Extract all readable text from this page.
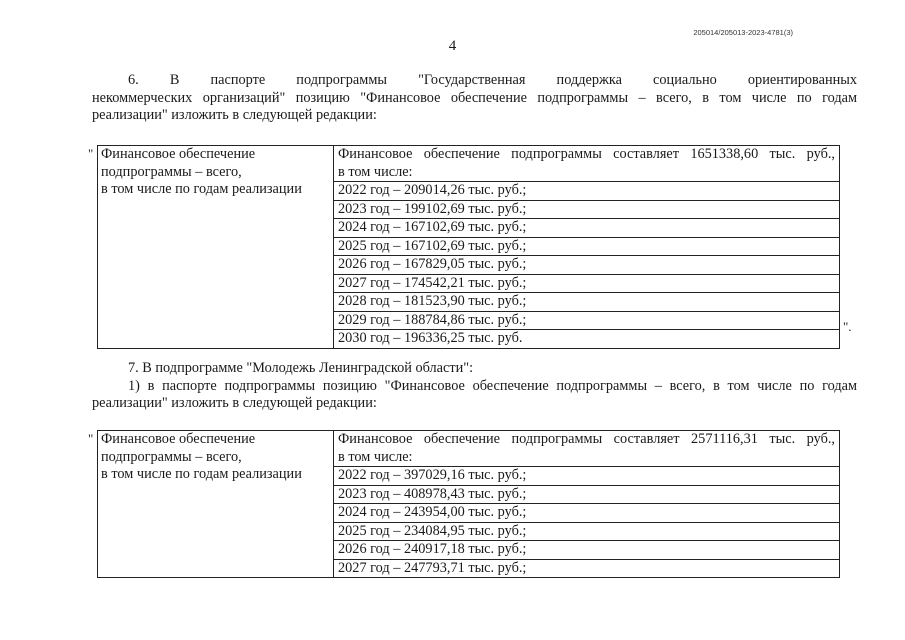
205014/205013-2023-4781(3)
4

6. В паспорте подпрограммы "Государственная поддержка социально ориентированных

некоммерческих организаций" позицию "Финансовое обеспечение подпрограммы – всего, в том числе по годам

реализации" изложить в следующей редакции:

" Финансовое обеспечение
подпрограммы – всего,
в том числе по годам реализации

Финансовое обеспечение подпрограммы составляет 1651338,60 тыс. руб.,
в том числе:
2022 год – 209014,26 тыс. руб.;
2023 год – 199102,69 тыс. руб.;
2024 год – 167102,69 тыс. руб.;
2025 год – 167102,69 тыс. руб.;
2026 год – 167829,05 тыс. руб.;
2027 год – 174542,21 тыс. руб.;
2028 год – 181523,90 тыс. руб.;
2029 год – 188784,86 тыс. руб.;
2030 год – 196336,25 тыс. руб.
".

7. В подпрограмме "Молодежь Ленинградской области":

1) в паспорте подпрограммы позицию "Финансовое обеспечение подпрограммы – всего, в том числе по годам

реализации" изложить в следующей редакции:

" Финансовое обеспечение
подпрограммы – всего,
в том числе по годам реализации

Финансовое обеспечение подпрограммы составляет 2571116,31 тыс. руб.,
в том числе:
2022 год – 397029,16 тыс. руб.;
2023 год – 408978,43 тыс. руб.;
2024 год – 243954,00 тыс. руб.;
2025 год – 234084,95 тыс. руб.;
2026 год – 240917,18 тыс. руб.;
2027 год – 247793,71 тыс. руб.;
